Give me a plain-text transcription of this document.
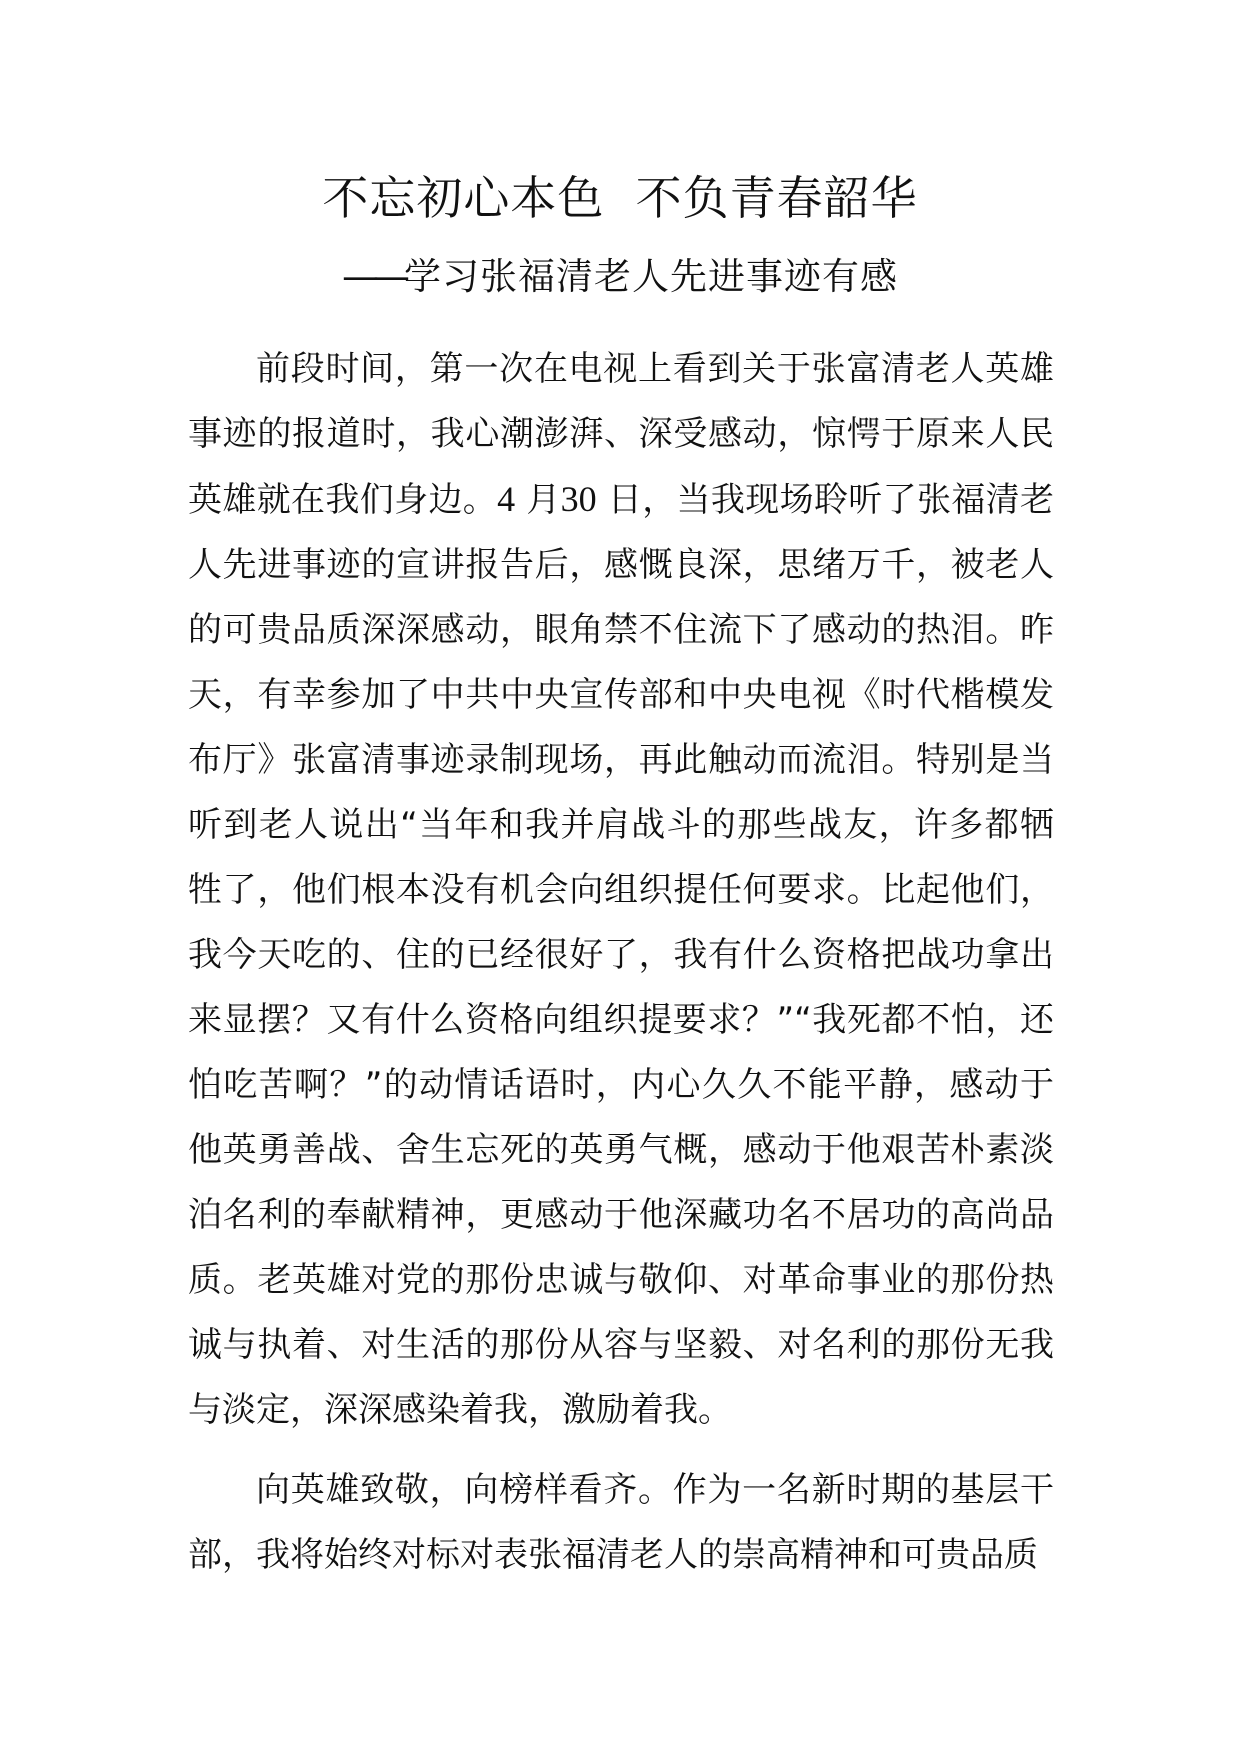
不忘初心本色  不负青春韶华
——学习张福清老人先进事迹有感

前段时间，第一次在电视上看到关于张富清老人英雄事迹的报道时，我心潮澎湃、深受感动，惊愕于原来人民英雄就在我们身边。4 月30 日，当我现场聆听了张福清老人先进事迹的宣讲报告后，感慨良深，思绪万千，被老人的可贵品质深深感动，眼角禁不住流下了感动的热泪。昨天，有幸参加了中共中央宣传部和中央电视《时代楷模发布厅》张富清事迹录制现场，再此触动而流泪。特别是当听到老人说出“当年和我并肩战斗的那些战友，许多都牺牲了，他们根本没有机会向组织提任何要求。比起他们，我今天吃的、住的已经很好了，我有什么资格把战功拿出来显摆？又有什么资格向组织提要求？”“我死都不怕，还怕吃苦啊？”的动情话语时，内心久久不能平静，感动于他英勇善战、舍生忘死的英勇气概，感动于他艰苦朴素淡泊名利的奉献精神，更感动于他深藏功名不居功的高尚品质。老英雄对党的那份忠诚与敬仰、对革命事业的那份热诚与执着、对生活的那份从容与坚毅、对名利的那份无我与淡定，深深感染着我，激励着我。

向英雄致敬，向榜样看齐。作为一名新时期的基层干部，我将始终对标对表张福清老人的崇高精神和可贵品质
